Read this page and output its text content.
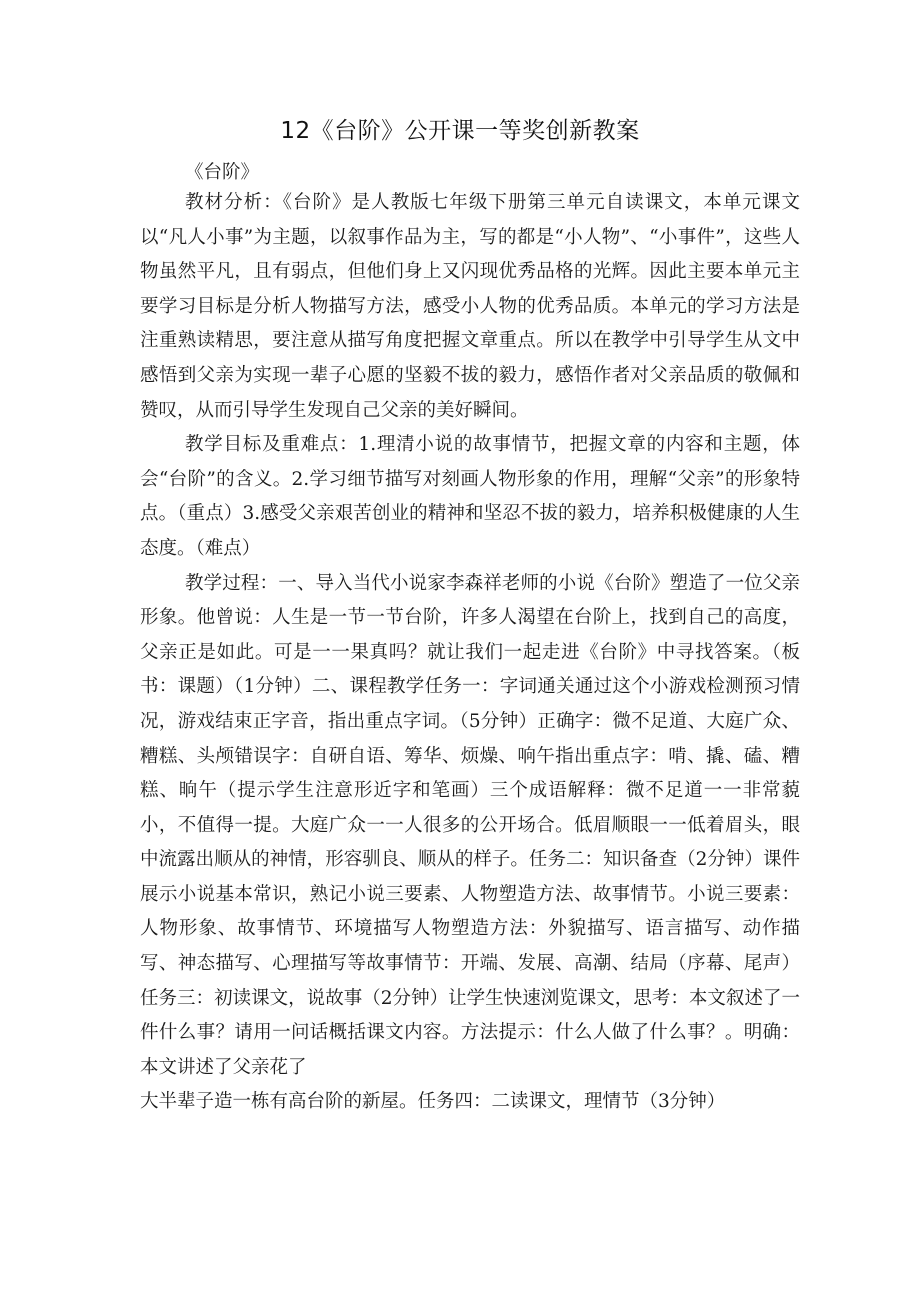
12《台阶》公开课一等奖创新教案
《台阶》

教材分析：《台阶》是人教版七年级下册第三单元自读课文，本单元课文以“凡人小事”为主题，以叙事作品为主，写的都是“小人物”、“小事件”，这些人物虽然平凡，且有弱点，但他们身上又闪现优秀品格的光辉。因此主要本单元主要学习目标是分析人物描写方法，感受小人物的优秀品质。本单元的学习方法是注重熟读精思，要注意从描写角度把握文章重点。所以在教学中引导学生从文中感悟到父亲为实现一辈子心愿的坚毅不拔的毅力，感悟作者对父亲品质的敬佩和赞叹，从而引导学生发现自己父亲的美好瞬间。

教学目标及重难点：1.理清小说的故事情节，把握文章的内容和主题，体会“台阶”的含义。2.学习细节描写对刻画人物形象的作用，理解“父亲”的形象特点。（重点）3.感受父亲艰苦创业的精神和坚忍不拔的毅力，培养积极健康的人生态度。（难点）

教学过程：一、导入当代小说家李森祥老师的小说《台阶》塑造了一位父亲形象。他曾说：人生是一节一节台阶，许多人渴望在台阶上，找到自己的高度，父亲正是如此。可是一一果真吗？就让我们一起走进《台阶》中寻找答案。（板书：课题）（1分钟）二、课程教学任务一：字词通关通过这个小游戏检测预习情况，游戏结束正字音，指出重点字词。（5分钟）正确字：微不足道、大庭广众、糟糕、头颅错误字：自研自语、筹华、烦燥、响午指出重点字：啃、撬、磕、糟糕、晌午（提示学生注意形近字和笔画）三个成语解释：微不足道一一非常藐小，不值得一提。大庭广众一一人很多的公开场合。低眉顺眼一一低着眉头，眼中流露出顺从的神情，形容驯良、顺从的样子。任务二：知识备查（2分钟）课件展示小说基本常识，熟记小说三要素、人物塑造方法、故事情节。小说三要素：人物形象、故事情节、环境描写人物塑造方法：外貌描写、语言描写、动作描写、神态描写、心理描写等故事情节：开端、发展、高潮、结局（序幕、尾声）任务三：初读课文，说故事（2分钟）让学生快速浏览课文，思考：本文叙述了一件什么事？请用一问话概括课文内容。方法提示：什么人做了什么事？。明确：本文讲述了父亲花了

大半辈子造一栋有高台阶的新屋。任务四：二读课文，理情节（3分钟）
